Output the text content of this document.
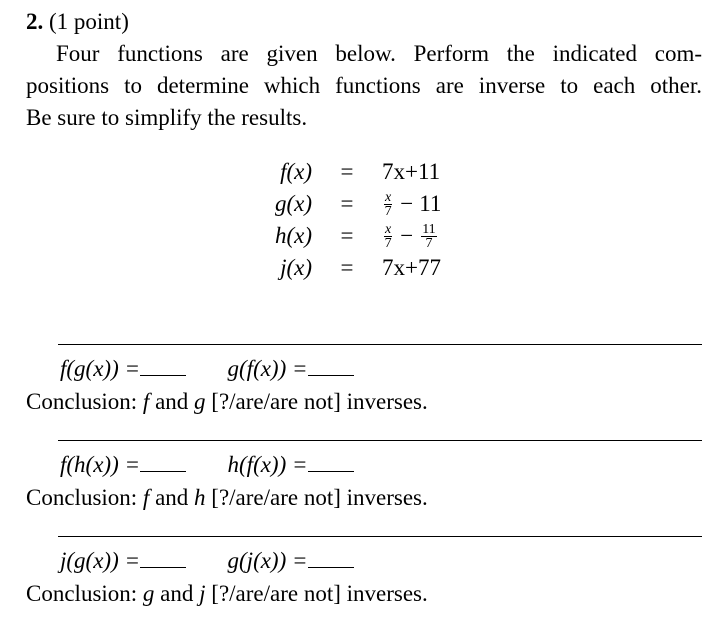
2. (1 point)
Four functions are given below. Perform the indicated com-
positions to determine which functions are inverse to each other.
Be sure to simplify the results.
f(x)	=	7x+11
g(x)	=	$\frac{x}{7} - 11$
h(x)	=	$\frac{x}{7} - \frac{11}{7}$
j(x)	=	7x+77
f(g(x)) =	g(f(x)) =
Conclusion: f and g [?/are/are not] inverses.
f(h(x)) =	h(f(x)) =
Conclusion: f and h [?/are/are not] inverses.
j(g(x)) =	g(j(x)) =
Conclusion: g and j [?/are/are not] inverses.
